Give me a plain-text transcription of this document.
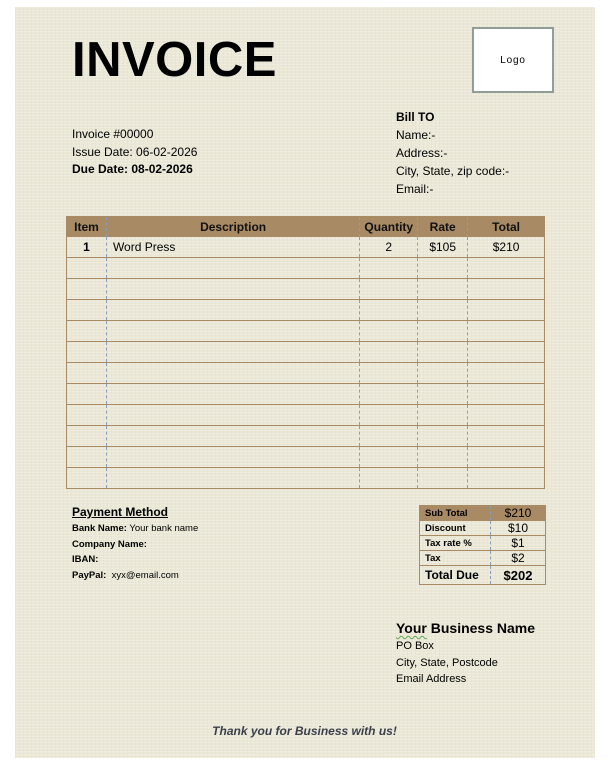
INVOICE	Logo
Invoice #00000
Issue Date: 06-02-2026
Due Date: 08-02-2026
Bill TO
Name:-
Address:-
City, State, zip code:-
Email:-
Item	Description	Quantity	Rate	Total
1	Word Press	2	$105	$210

Payment Method
Bank Name: Your bank name
Company Name:
IBAN:
PayPal: xyx@email.com
Sub Total	$210
Discount	$10
Tax rate %	$1
Tax	$2
Total Due	$202
Your Business Name
PO Box
City, State, Postcode
Email Address
Thank you for Business with us!
